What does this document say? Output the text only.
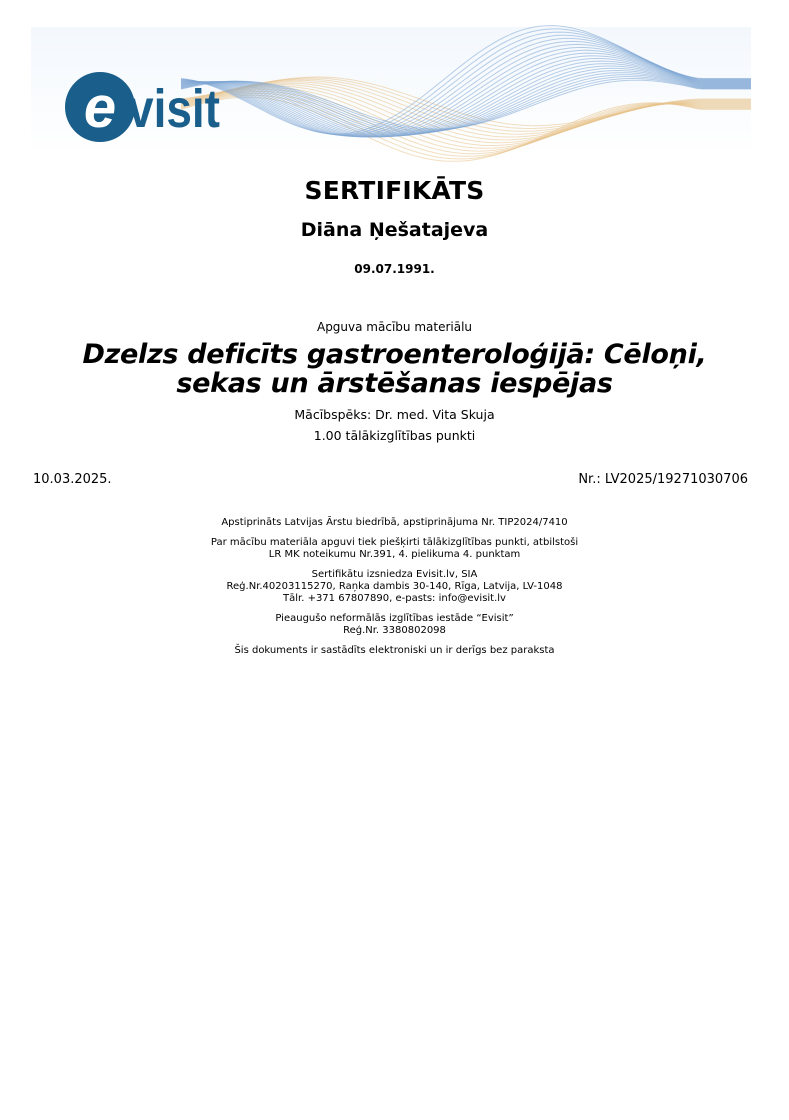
e visit
SERTIFIKĀTS
Diāna Ņešatajeva
09.07.1991.
Apguva mācību materiālu
Dzelzs deficīts gastroenteroloģijā: Cēloņi, sekas un ārstēšanas iespējas
Mācībspēks: Dr. med. Vita Skuja
1.00 tālākizglītības punkti
10.03.2025.	Nr.: LV2025/19271030706

Apstiprināts Latvijas Ārstu biedrībā, apstiprinājuma Nr. TIP2024/7410

Par mācību materiāla apguvi tiek piešķirti tālākizglītības punkti, atbilstoši
LR MK noteikumu Nr.391, 4. pielikuma 4. punktam

Sertifikātu izsniedza Evisit.lv, SIA
Reģ.Nr.40203115270, Raņka dambis 30-140, Rīga, Latvija, LV-1048
Tālr. +371 67807890, e-pasts: info@evisit.lv

Pieaugušo neformālās izglītības iestāde “Evisit”
Reģ.Nr. 3380802098

Šis dokuments ir sastādīts elektroniski un ir derīgs bez paraksta
